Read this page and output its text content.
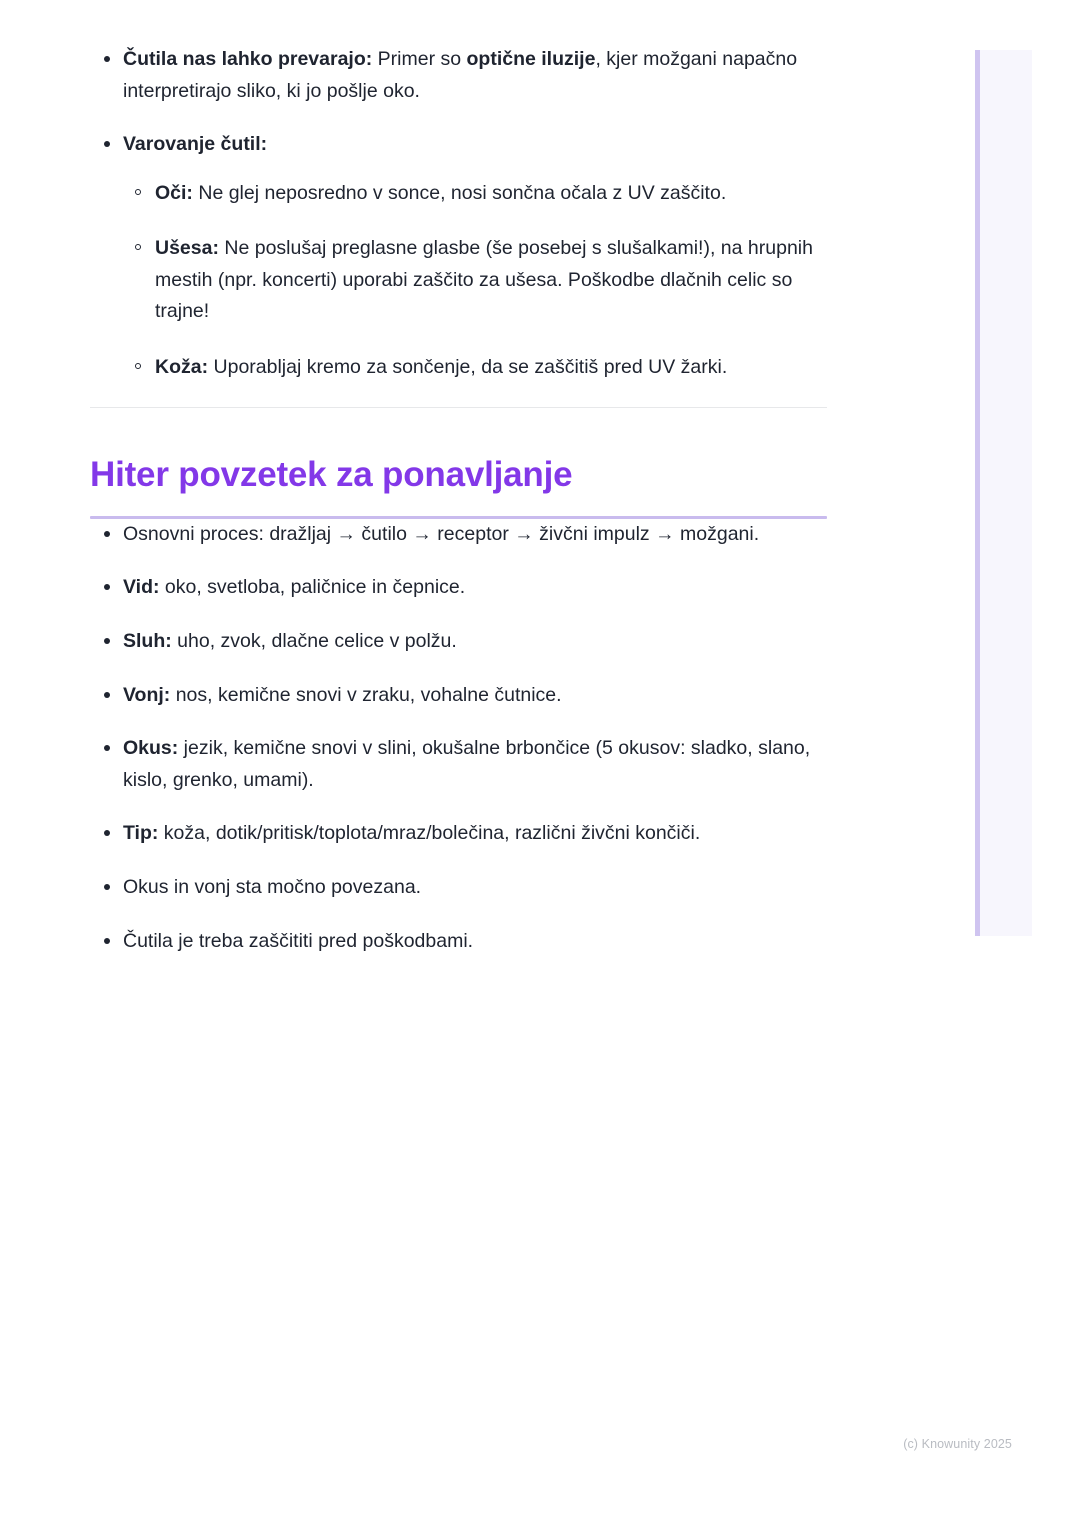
Čutila nas lahko prevarajo: Primer so optične iluzije, kjer možgani napačno interpretirajo sliko, ki jo pošlje oko.
Varovanje čutil:
Oči: Ne glej neposredno v sonce, nosi sončna očala z UV zaščito.
Ušesa: Ne poslušaj preglasne glasbe (še posebej s slušalkami!), na hrupnih mestih (npr. koncerti) uporabi zaščito za ušesa. Poškodbe dlačnih celic so trajne!
Koža: Uporabljaj kremo za sončenje, da se zaščitiš pred UV žarki.
Hiter povzetek za ponavljanje
Osnovni proces: dražljaj → čutilo → receptor → živčni impulz → možgani.
Vid: oko, svetloba, paličnice in čepnice.
Sluh: uho, zvok, dlačne celice v polžu.
Vonj: nos, kemične snovi v zraku, vohalne čutnice.
Okus: jezik, kemične snovi v slini, okušalne brbončice (5 okusov: sladko, slano, kislo, grenko, umami).
Tip: koža, dotik/pritisk/toplota/mraz/bolečina, različni živčni končiči.
Okus in vonj sta močno povezana.
Čutila je treba zaščititi pred poškodbami.
(c) Knowunity 2025
